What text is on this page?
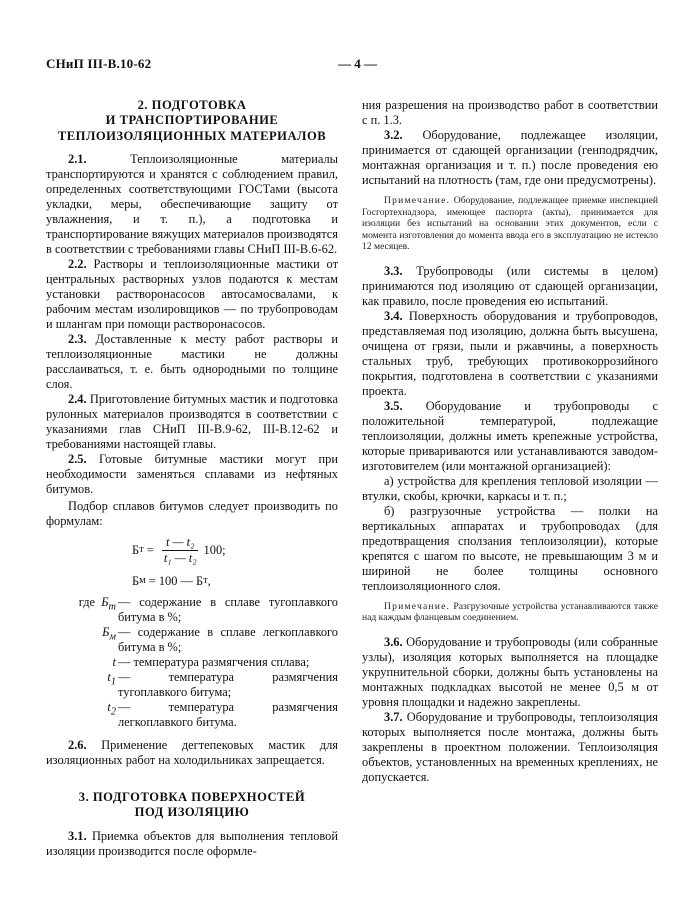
СНиП III-В.10-62	— 4 —
2. ПОДГОТОВКА
И ТРАНСПОРТИРОВАНИЕ
ТЕПЛОИЗОЛЯЦИОННЫХ МАТЕРИАЛОВ

2.1.	Теплоизоляционные материалы транспортируются и хранятся с соблюдением правил, определенных соответствующими ГОСТами (высота укладки, меры, обеспечивающие защиту от увлажнения, и т. п.), а подготовка и транспортирование вяжущих материалов производятся в соответствии с требованиями главы СНиП III-В.6-62.

2.2. Растворы и теплоизоляционные мастики от центральных растворных узлов подаются к местам установки растворонасосов автосамосвалами, к рабочим местам изолировщиков — по трубопроводам и шлангам при помощи растворонасосов.

2.3. Доставленные к месту работ растворы и теплоизоляционные мастики не должны расслаиваться, т. е. быть однородными по толщине слоя.

2.4. Приготовление битумных мастик и подготовка рулонных материалов производятся в соответствии с указаниями глав СНиП III-В.9-62, III-В.12-62 и требованиями настоящей главы.

2.5. Готовые битумные мастики могут при необходимости заменяться сплавами из нефтяных битумов.

Подбор сплавов битумов следует производить по формулам:

Б $т = \frac{\text{t — t₂}}{\text{t₁ — t₂}} 100$;
Б м
= 100 — Б т ,
где $Б_т$ — содержание в сплаве тугоплавкого битума в %;
$Б_м$ — содержание в сплаве легкоплавкого битума в %;
t — температура размягчения сплава;
$t_1$ — температура размягчения тугоплавкого битума;
$t_2$ — температура размягчения легкоплавкого битума.

2.6. Применение дегтепековых мастик для изоляционных работ на холодильниках запрещается.

3. ПОДГОТОВКА ПОВЕРХНОСТЕЙ
ПОД ИЗОЛЯЦИЮ

3.1. Приемка объектов для выполнения тепловой изоляции производится после оформле-

ния разрешения на производство работ в соответствии с п. 1.3.

3.2. Оборудование, подлежащее изоляции, принимается от сдающей организации (генподрядчик, монтажная организация и т. п.) после проведения ею испытаний на плотность (там, где они предусмотрены).

Примечание. Оборудование, подлежащее приемке инспекцией Госгортехнадзора, имеющее паспорта (акты), принимается для изоляции без испытаний на основании этих документов, если с момента изготовления до момента ввода его в эксплуатацию не истекло 12 месяцев.

3.3. Трубопроводы (или системы в целом) принимаются под изоляцию от сдающей организации, как правило, после проведения ею испытаний.

3.4. Поверхность оборудования и трубопроводов, представляемая под изоляцию, должна быть высушена, очищена от грязи, пыли и ржавчины, а поверхность стальных труб, требующих противокоррозийного покрытия, подготовлена в соответствии с указаниями проекта.

3.5. Оборудование и трубопроводы с положительной температурой, подлежащие теплоизоляции, должны иметь крепежные устройства, которые привариваются или устанавливаются заводом-изготовителем (или монтажной организацией):

а) устройства для крепления тепловой изоляции — втулки, скобы, крючки, каркасы и т. п.;

б) разгрузочные устройства — полки на вертикальных аппаратах и трубопроводах (для предотвращения сползания теплоизоляции), которые крепятся с шагом по высоте, не превышающим 3 м и шириной не более толщины основного теплоизоляционного слоя.

Примечание. Разгрузочные устройства устанавливаются также над каждым фланцевым соединением.

3.6. Оборудование и трубопроводы (или собранные узлы), изоляция которых выполняется на площадке укрупнительной сборки, должны быть установлены на монтажных подкладках высотой не менее 0,5 м от уровня площадки и надежно закреплены.

3.7. Оборудование и трубопроводы, теплоизоляция которых выполняется после монтажа, должны быть закреплены в проектном положении. Теплоизоляция объектов, установленных на временных креплениях, не допускается.
